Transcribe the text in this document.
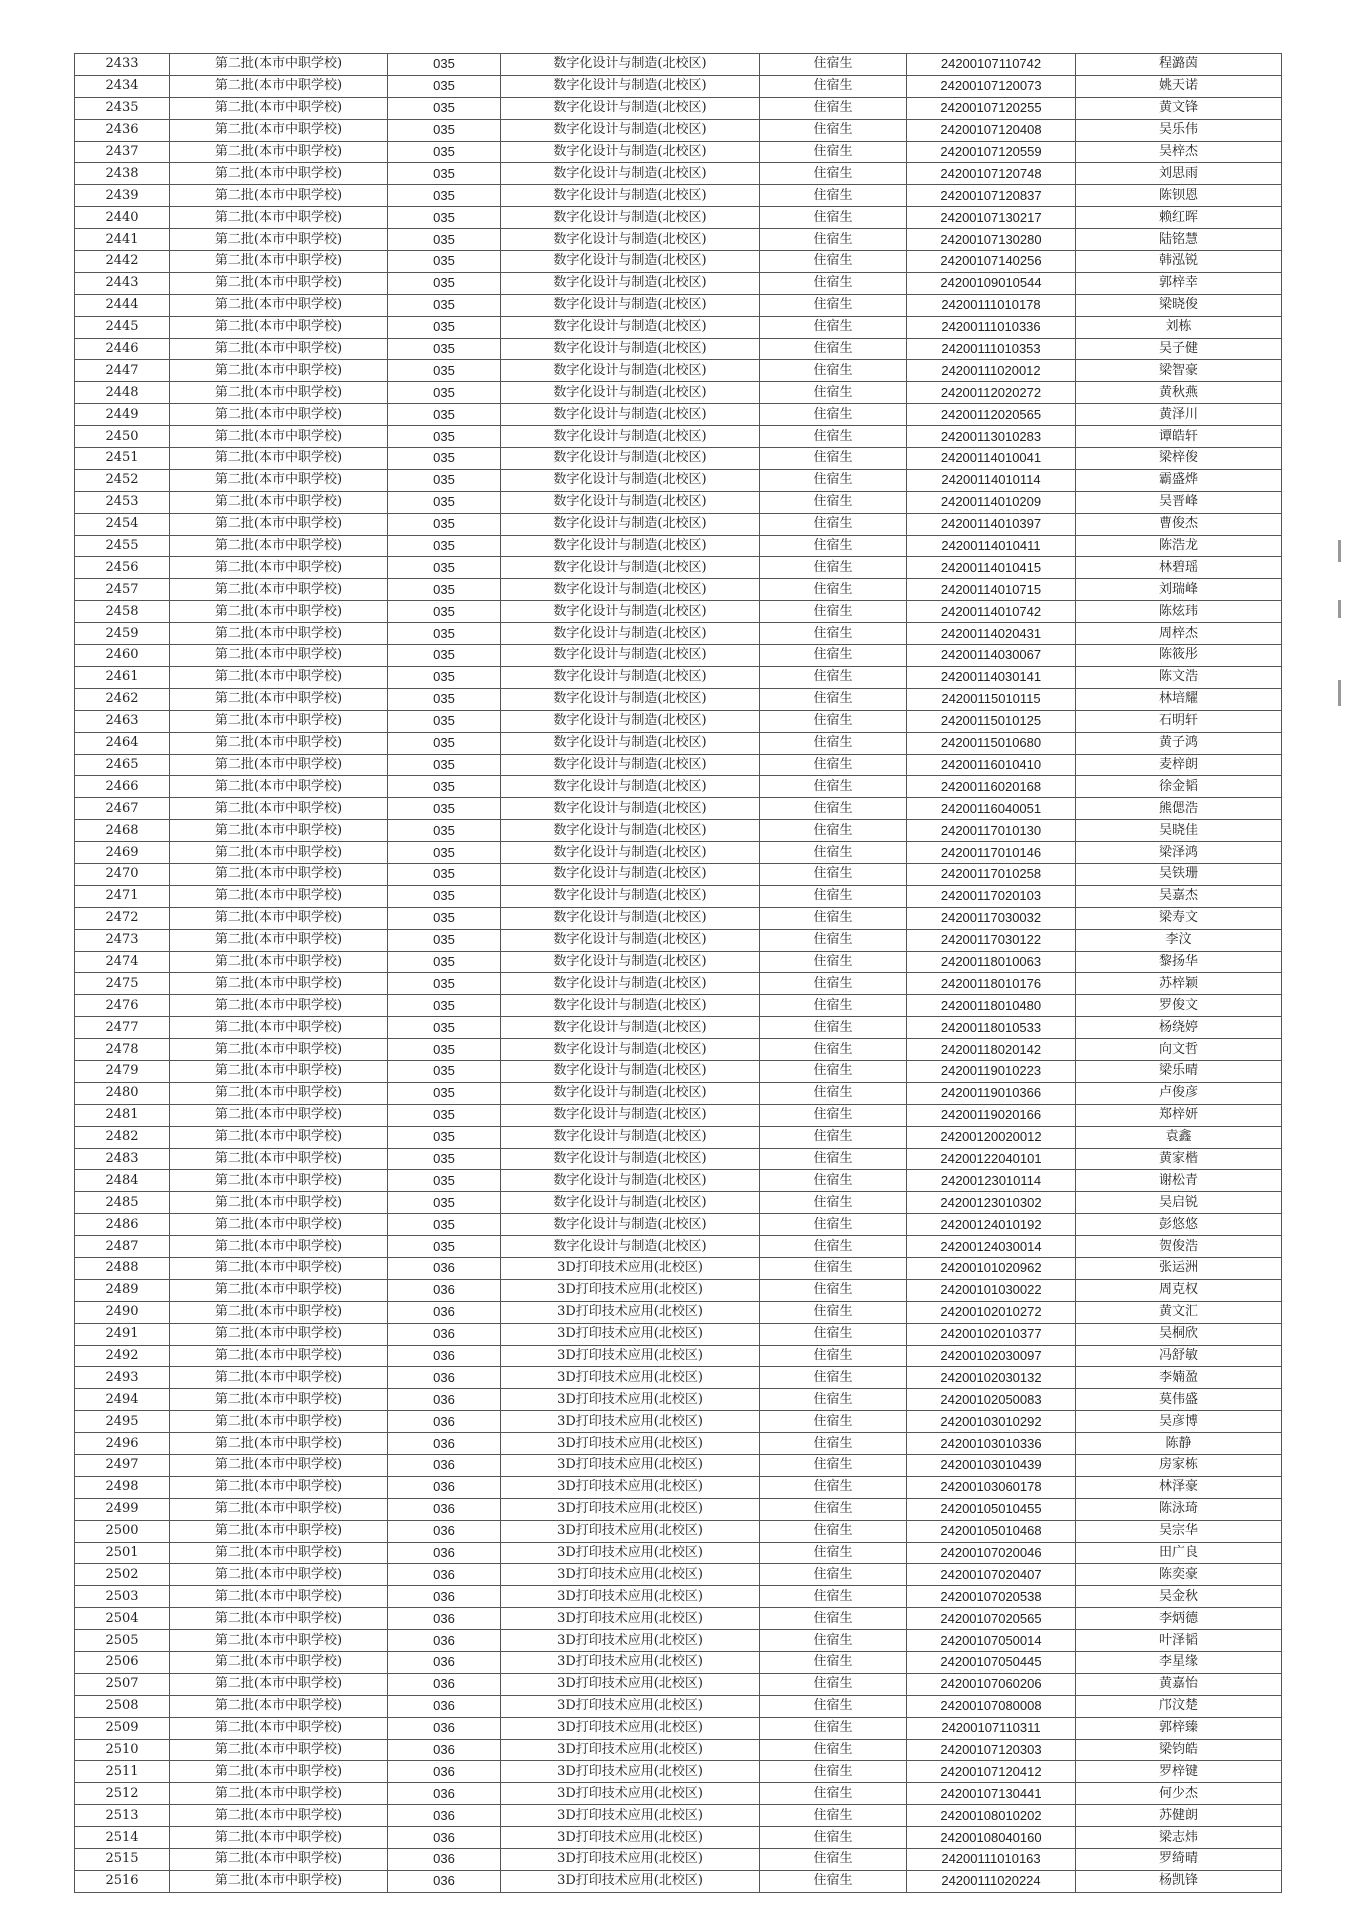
2433	第二批(本市中职学校)	035	数字化设计与制造(北校区)	住宿生	24200107110742	程潞茵
2434	第二批(本市中职学校)	035	数字化设计与制造(北校区)	住宿生	24200107120073	姚天诺
2435	第二批(本市中职学校)	035	数字化设计与制造(北校区)	住宿生	24200107120255	黄文锋
2436	第二批(本市中职学校)	035	数字化设计与制造(北校区)	住宿生	24200107120408	吴乐伟
2437	第二批(本市中职学校)	035	数字化设计与制造(北校区)	住宿生	24200107120559	吴梓杰
2438	第二批(本市中职学校)	035	数字化设计与制造(北校区)	住宿生	24200107120748	刘思雨
2439	第二批(本市中职学校)	035	数字化设计与制造(北校区)	住宿生	24200107120837	陈钡恩
2440	第二批(本市中职学校)	035	数字化设计与制造(北校区)	住宿生	24200107130217	赖红晖
2441	第二批(本市中职学校)	035	数字化设计与制造(北校区)	住宿生	24200107130280	陆铭慧
2442	第二批(本市中职学校)	035	数字化设计与制造(北校区)	住宿生	24200107140256	韩泓锐
2443	第二批(本市中职学校)	035	数字化设计与制造(北校区)	住宿生	24200109010544	郭梓幸
2444	第二批(本市中职学校)	035	数字化设计与制造(北校区)	住宿生	24200111010178	梁晓俊
2445	第二批(本市中职学校)	035	数字化设计与制造(北校区)	住宿生	24200111010336	刘栋
2446	第二批(本市中职学校)	035	数字化设计与制造(北校区)	住宿生	24200111010353	吴子健
2447	第二批(本市中职学校)	035	数字化设计与制造(北校区)	住宿生	24200111020012	梁智豪
2448	第二批(本市中职学校)	035	数字化设计与制造(北校区)	住宿生	24200112020272	黄秋燕
2449	第二批(本市中职学校)	035	数字化设计与制造(北校区)	住宿生	24200112020565	黄泽川
2450	第二批(本市中职学校)	035	数字化设计与制造(北校区)	住宿生	24200113010283	谭皓轩
2451	第二批(本市中职学校)	035	数字化设计与制造(北校区)	住宿生	24200114010041	梁梓俊
2452	第二批(本市中职学校)	035	数字化设计与制造(北校区)	住宿生	24200114010114	霸盛烨
2453	第二批(本市中职学校)	035	数字化设计与制造(北校区)	住宿生	24200114010209	吴晋峰
2454	第二批(本市中职学校)	035	数字化设计与制造(北校区)	住宿生	24200114010397	曹俊杰
2455	第二批(本市中职学校)	035	数字化设计与制造(北校区)	住宿生	24200114010411	陈浩龙
2456	第二批(本市中职学校)	035	数字化设计与制造(北校区)	住宿生	24200114010415	林碧瑶
2457	第二批(本市中职学校)	035	数字化设计与制造(北校区)	住宿生	24200114010715	刘瑞峰
2458	第二批(本市中职学校)	035	数字化设计与制造(北校区)	住宿生	24200114010742	陈炫玮
2459	第二批(本市中职学校)	035	数字化设计与制造(北校区)	住宿生	24200114020431	周梓杰
2460	第二批(本市中职学校)	035	数字化设计与制造(北校区)	住宿生	24200114030067	陈筱彤
2461	第二批(本市中职学校)	035	数字化设计与制造(北校区)	住宿生	24200114030141	陈文浩
2462	第二批(本市中职学校)	035	数字化设计与制造(北校区)	住宿生	24200115010115	林培耀
2463	第二批(本市中职学校)	035	数字化设计与制造(北校区)	住宿生	24200115010125	石明轩
2464	第二批(本市中职学校)	035	数字化设计与制造(北校区)	住宿生	24200115010680	黄子鸿
2465	第二批(本市中职学校)	035	数字化设计与制造(北校区)	住宿生	24200116010410	麦梓朗
2466	第二批(本市中职学校)	035	数字化设计与制造(北校区)	住宿生	24200116020168	徐金韬
2467	第二批(本市中职学校)	035	数字化设计与制造(北校区)	住宿生	24200116040051	熊偲浩
2468	第二批(本市中职学校)	035	数字化设计与制造(北校区)	住宿生	24200117010130	吴晓佳
2469	第二批(本市中职学校)	035	数字化设计与制造(北校区)	住宿生	24200117010146	梁泽鸿
2470	第二批(本市中职学校)	035	数字化设计与制造(北校区)	住宿生	24200117010258	吴铁珊
2471	第二批(本市中职学校)	035	数字化设计与制造(北校区)	住宿生	24200117020103	吴嘉杰
2472	第二批(本市中职学校)	035	数字化设计与制造(北校区)	住宿生	24200117030032	梁寿文
2473	第二批(本市中职学校)	035	数字化设计与制造(北校区)	住宿生	24200117030122	李汶
2474	第二批(本市中职学校)	035	数字化设计与制造(北校区)	住宿生	24200118010063	黎扬华
2475	第二批(本市中职学校)	035	数字化设计与制造(北校区)	住宿生	24200118010176	苏梓颖
2476	第二批(本市中职学校)	035	数字化设计与制造(北校区)	住宿生	24200118010480	罗俊文
2477	第二批(本市中职学校)	035	数字化设计与制造(北校区)	住宿生	24200118010533	杨绕婷
2478	第二批(本市中职学校)	035	数字化设计与制造(北校区)	住宿生	24200118020142	向文哲
2479	第二批(本市中职学校)	035	数字化设计与制造(北校区)	住宿生	24200119010223	梁乐晴
2480	第二批(本市中职学校)	035	数字化设计与制造(北校区)	住宿生	24200119010366	卢俊彦
2481	第二批(本市中职学校)	035	数字化设计与制造(北校区)	住宿生	24200119020166	郑梓妍
2482	第二批(本市中职学校)	035	数字化设计与制造(北校区)	住宿生	24200120020012	袁鑫
2483	第二批(本市中职学校)	035	数字化设计与制造(北校区)	住宿生	24200122040101	黄家楷
2484	第二批(本市中职学校)	035	数字化设计与制造(北校区)	住宿生	24200123010114	谢松青
2485	第二批(本市中职学校)	035	数字化设计与制造(北校区)	住宿生	24200123010302	吴启锐
2486	第二批(本市中职学校)	035	数字化设计与制造(北校区)	住宿生	24200124010192	彭悠悠
2487	第二批(本市中职学校)	035	数字化设计与制造(北校区)	住宿生	24200124030014	贺俊浩
2488	第二批(本市中职学校)	036	3D打印技术应用(北校区)	住宿生	24200101020962	张运洲
2489	第二批(本市中职学校)	036	3D打印技术应用(北校区)	住宿生	24200101030022	周克权
2490	第二批(本市中职学校)	036	3D打印技术应用(北校区)	住宿生	24200102010272	黄文汇
2491	第二批(本市中职学校)	036	3D打印技术应用(北校区)	住宿生	24200102010377	吴桐欣
2492	第二批(本市中职学校)	036	3D打印技术应用(北校区)	住宿生	24200102030097	冯舒敏
2493	第二批(本市中职学校)	036	3D打印技术应用(北校区)	住宿生	24200102030132	李婻盈
2494	第二批(本市中职学校)	036	3D打印技术应用(北校区)	住宿生	24200102050083	莫伟盛
2495	第二批(本市中职学校)	036	3D打印技术应用(北校区)	住宿生	24200103010292	吴彦博
2496	第二批(本市中职学校)	036	3D打印技术应用(北校区)	住宿生	24200103010336	陈静
2497	第二批(本市中职学校)	036	3D打印技术应用(北校区)	住宿生	24200103010439	房家栋
2498	第二批(本市中职学校)	036	3D打印技术应用(北校区)	住宿生	24200103060178	林泽豪
2499	第二批(本市中职学校)	036	3D打印技术应用(北校区)	住宿生	24200105010455	陈泳琦
2500	第二批(本市中职学校)	036	3D打印技术应用(北校区)	住宿生	24200105010468	吴宗华
2501	第二批(本市中职学校)	036	3D打印技术应用(北校区)	住宿生	24200107020046	田广良
2502	第二批(本市中职学校)	036	3D打印技术应用(北校区)	住宿生	24200107020407	陈奕豪
2503	第二批(本市中职学校)	036	3D打印技术应用(北校区)	住宿生	24200107020538	吴金秋
2504	第二批(本市中职学校)	036	3D打印技术应用(北校区)	住宿生	24200107020565	李炳德
2505	第二批(本市中职学校)	036	3D打印技术应用(北校区)	住宿生	24200107050014	叶泽韬
2506	第二批(本市中职学校)	036	3D打印技术应用(北校区)	住宿生	24200107050445	李星缘
2507	第二批(本市中职学校)	036	3D打印技术应用(北校区)	住宿生	24200107060206	黄嘉怡
2508	第二批(本市中职学校)	036	3D打印技术应用(北校区)	住宿生	24200107080008	邝汶楚
2509	第二批(本市中职学校)	036	3D打印技术应用(北校区)	住宿生	24200107110311	郭梓臻
2510	第二批(本市中职学校)	036	3D打印技术应用(北校区)	住宿生	24200107120303	梁钧皓
2511	第二批(本市中职学校)	036	3D打印技术应用(北校区)	住宿生	24200107120412	罗梓键
2512	第二批(本市中职学校)	036	3D打印技术应用(北校区)	住宿生	24200107130441	何少杰
2513	第二批(本市中职学校)	036	3D打印技术应用(北校区)	住宿生	24200108010202	苏健朗
2514	第二批(本市中职学校)	036	3D打印技术应用(北校区)	住宿生	24200108040160	梁志炜
2515	第二批(本市中职学校)	036	3D打印技术应用(北校区)	住宿生	24200111010163	罗绮晴
2516	第二批(本市中职学校)	036	3D打印技术应用(北校区)	住宿生	24200111020224	杨凯锋
